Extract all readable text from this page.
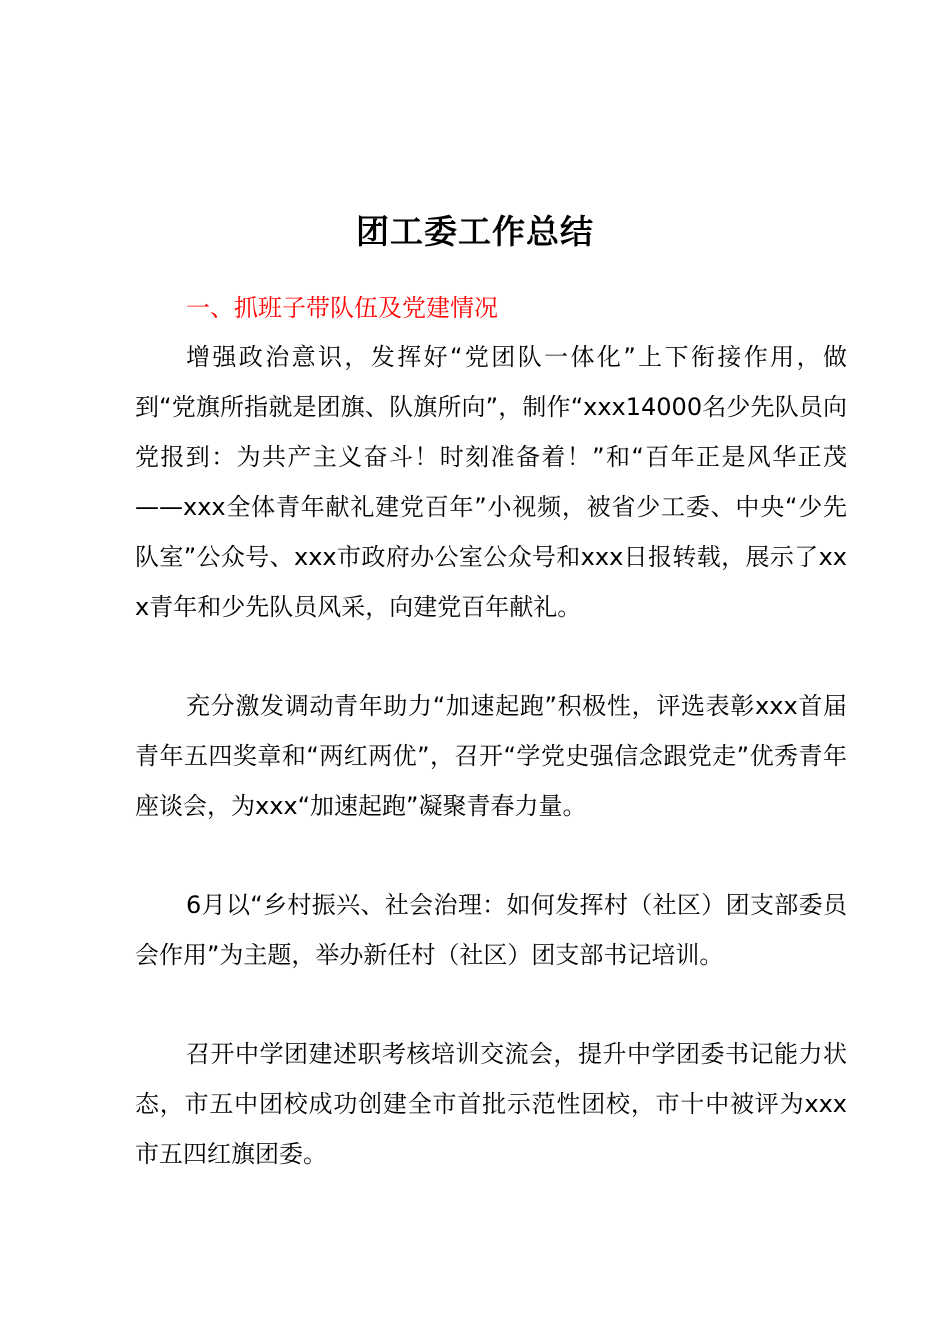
团工委工作总结
一、抓班子带队伍及党建情况

增强政治意识，发挥好“党团队一体化”上下衔接作用，做到“党旗所指就是团旗、队旗所向”，制作“xxx14000名少先队员向党报到：为共产主义奋斗！时刻准备着！”和“百年正是风华正茂——xxx全体青年献礼建党百年”小视频，被省少工委、中央“少先队室”公众号、xxx市政府办公室公众号和xxx日报转载，展示了xxx青年和少先队员风采，向建党百年献礼。

充分激发调动青年助力“加速起跑”积极性，评选表彰xxx首届青年五四奖章和“两红两优”，召开“学党史强信念跟党走”优秀青年座谈会，为xxx“加速起跑”凝聚青春力量。

6月以“乡村振兴、社会治理：如何发挥村（社区）团支部委员会作用”为主题，举办新任村（社区）团支部书记培训。

召开中学团建述职考核培训交流会，提升中学团委书记能力状态，市五中团校成功创建全市首批示范性团校，市十中被评为xxx市五四红旗团委。
